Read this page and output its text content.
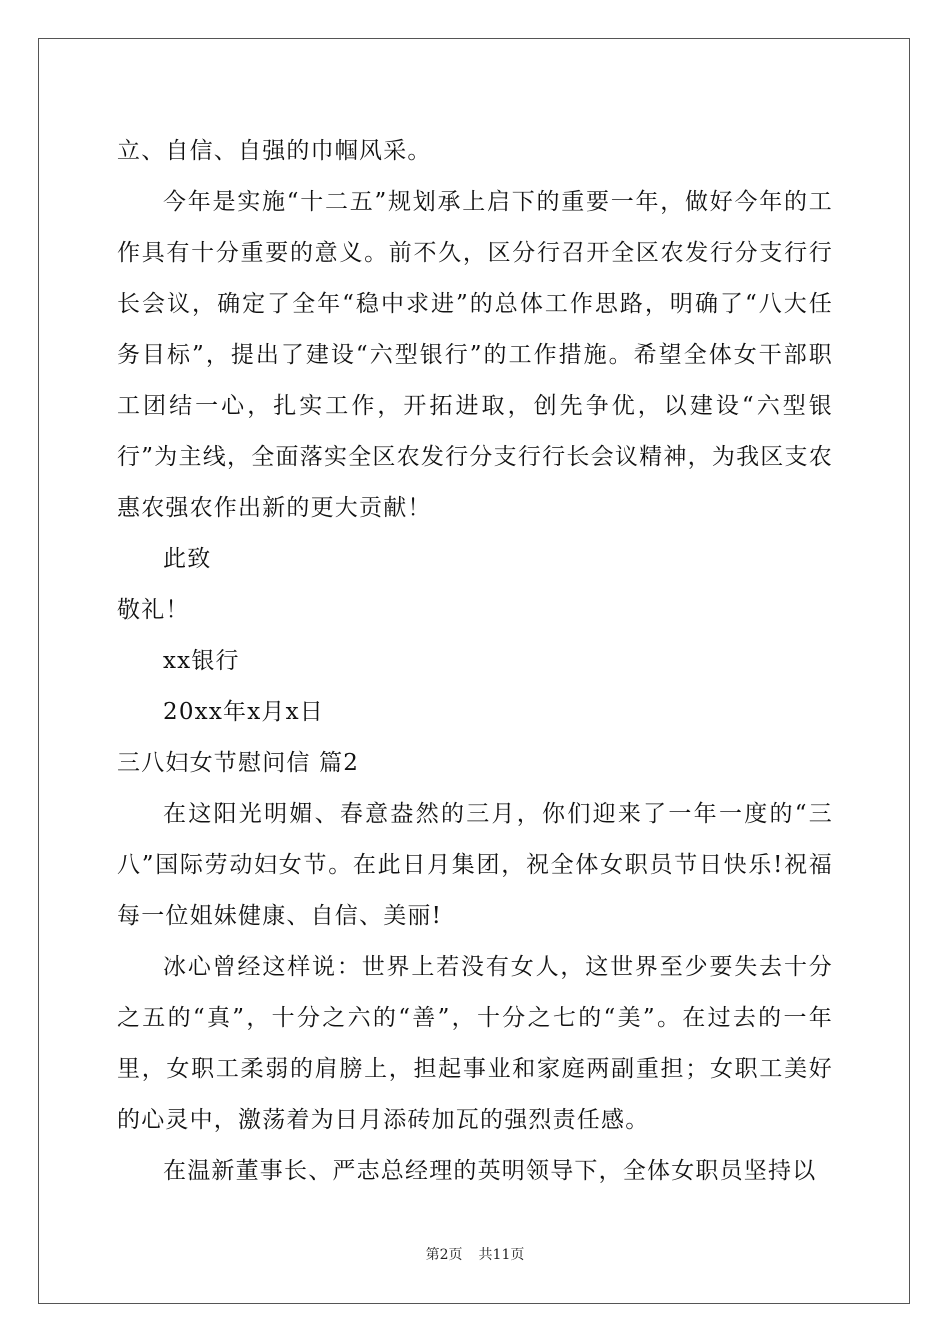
立、自信、自强的巾帼风采。

今年是实施“十二五”规划承上启下的重要一年，做好今年的工作具有十分重要的意义。前不久，区分行召开全区农发行分支行行长会议，确定了全年“稳中求进”的总体工作思路，明确了“八大任务目标”，提出了建设“六型银行”的工作措施。希望全体女干部职工团结一心，扎实工作，开拓进取，创先争优，以建设“六型银行”为主线，全面落实全区农发行分支行行长会议精神，为我区支农惠农强农作出新的更大贡献！

此致

敬礼！

xx银行

20xx年x月x日

三八妇女节慰问信 篇2

在这阳光明媚、春意盎然的三月，你们迎来了一年一度的“三八”国际劳动妇女节。在此日月集团，祝全体女职员节日快乐!祝福每一位姐妹健康、自信、美丽!

冰心曾经这样说：世界上若没有女人，这世界至少要失去十分之五的“真”，十分之六的“善”，十分之七的“美”。在过去的一年里，女职工柔弱的肩膀上，担起事业和家庭两副重担；女职工美好的心灵中，激荡着为日月添砖加瓦的强烈责任感。

在温新董事长、严志总经理的英明领导下，全体女职员坚持以

第2页 共11页
